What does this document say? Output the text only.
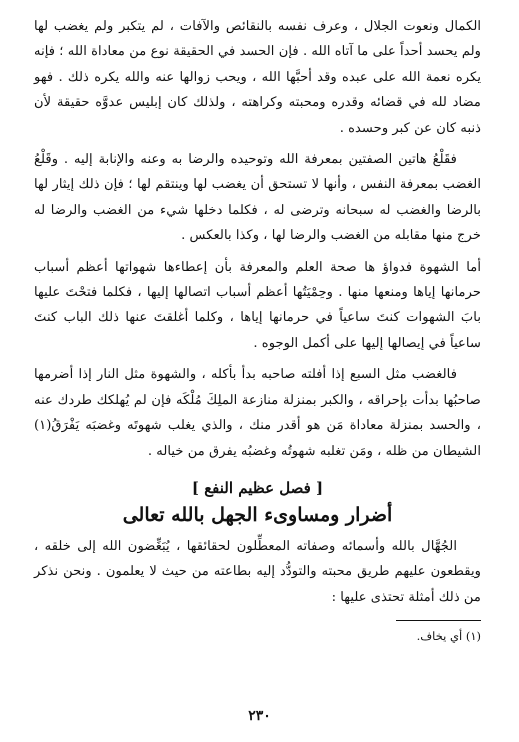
الكمال ونعوت الجلال ، وعرف نفسه بالنقائص والآفات ، لم يتكبر ولم يغضب لها ولم يحسد أحداً على ما آتاه الله . فإن الحسد في الحقيقة نوع من معاداة الله ؛ فإنه يكره نعمة الله على عبده وقد أحبَّها الله ، ويحب زوالها عنه والله يكره ذلك . فهو مضاد لله في قضائه وقدره ومحبته وكراهته ، ولذلك كان إبليس عدوَّه حقيقة لأن ذنبه كان عن كبر وحسده .

فقَلْعُ هاتين الصفتين بمعرفة الله وتوحيده والرضا به وعنه والإنابة إليه . وقَلْعُ الغضب بمعرفة النفس ، وأنها لا تستحق أن يغضب لها وينتقم لها ؛ فإن ذلك إيثار لها بالرضا والغضب له سبحانه وترضى له ، فكلما دخلها شيء من الغضب والرضا له خرج منها مقابله من الغضب والرضا لها ، وكذا بالعكس .

أما الشهوة فدواؤ ها صحة العلم والمعرفة بأن إعطاءها شهواتها أعظم أسباب حرمانها إياها ومنعها منها . وحِمْيَتُها أعظم أسباب اتصالها إليها ، فكلما فتحْتَ عليها بابَ الشهوات كنتَ ساعياً في حرمانها إياها ، وكلما أغلقتَ عنها ذلك الباب كنتَ ساعياً في إيصالها إليها على أكمل الوجوه .

فالغضب مثل السبع إذا أفلته صاحبه بدأ بأكله ، والشهوة مثل النار إذا أضرمها صاحبُها بدأت بإحراقه ، والكبر بمنزلة منازعة الملِكَ مُلْكَه فإن لم يُهلكك طردك عنه ، والحسد بمنزلة معاداة مَن هو أقدر منك ، والذي يغلب شهوتَه وغضبَه يَفْرَقُ(١) الشيطان من ظله ، ومَن تغلبه شهوتُه وغضبُه يفرق من خياله .

[ فصل عظيم النفع ]
أضرار ومساوىء الجهل بالله تعالى

الجُهَّال بالله وأسمائه وصفاته المعطِّلون لحقائقها ، يُبَغِّضون الله إلى خلقه ، ويقطعون عليهم طريق محبته والتودُّد إليه بطاعته من حيث لا يعلمون . ونحن نذكر من ذلك أمثلة تحتذى عليها :

(١) أي يخاف.
٢٣٠
